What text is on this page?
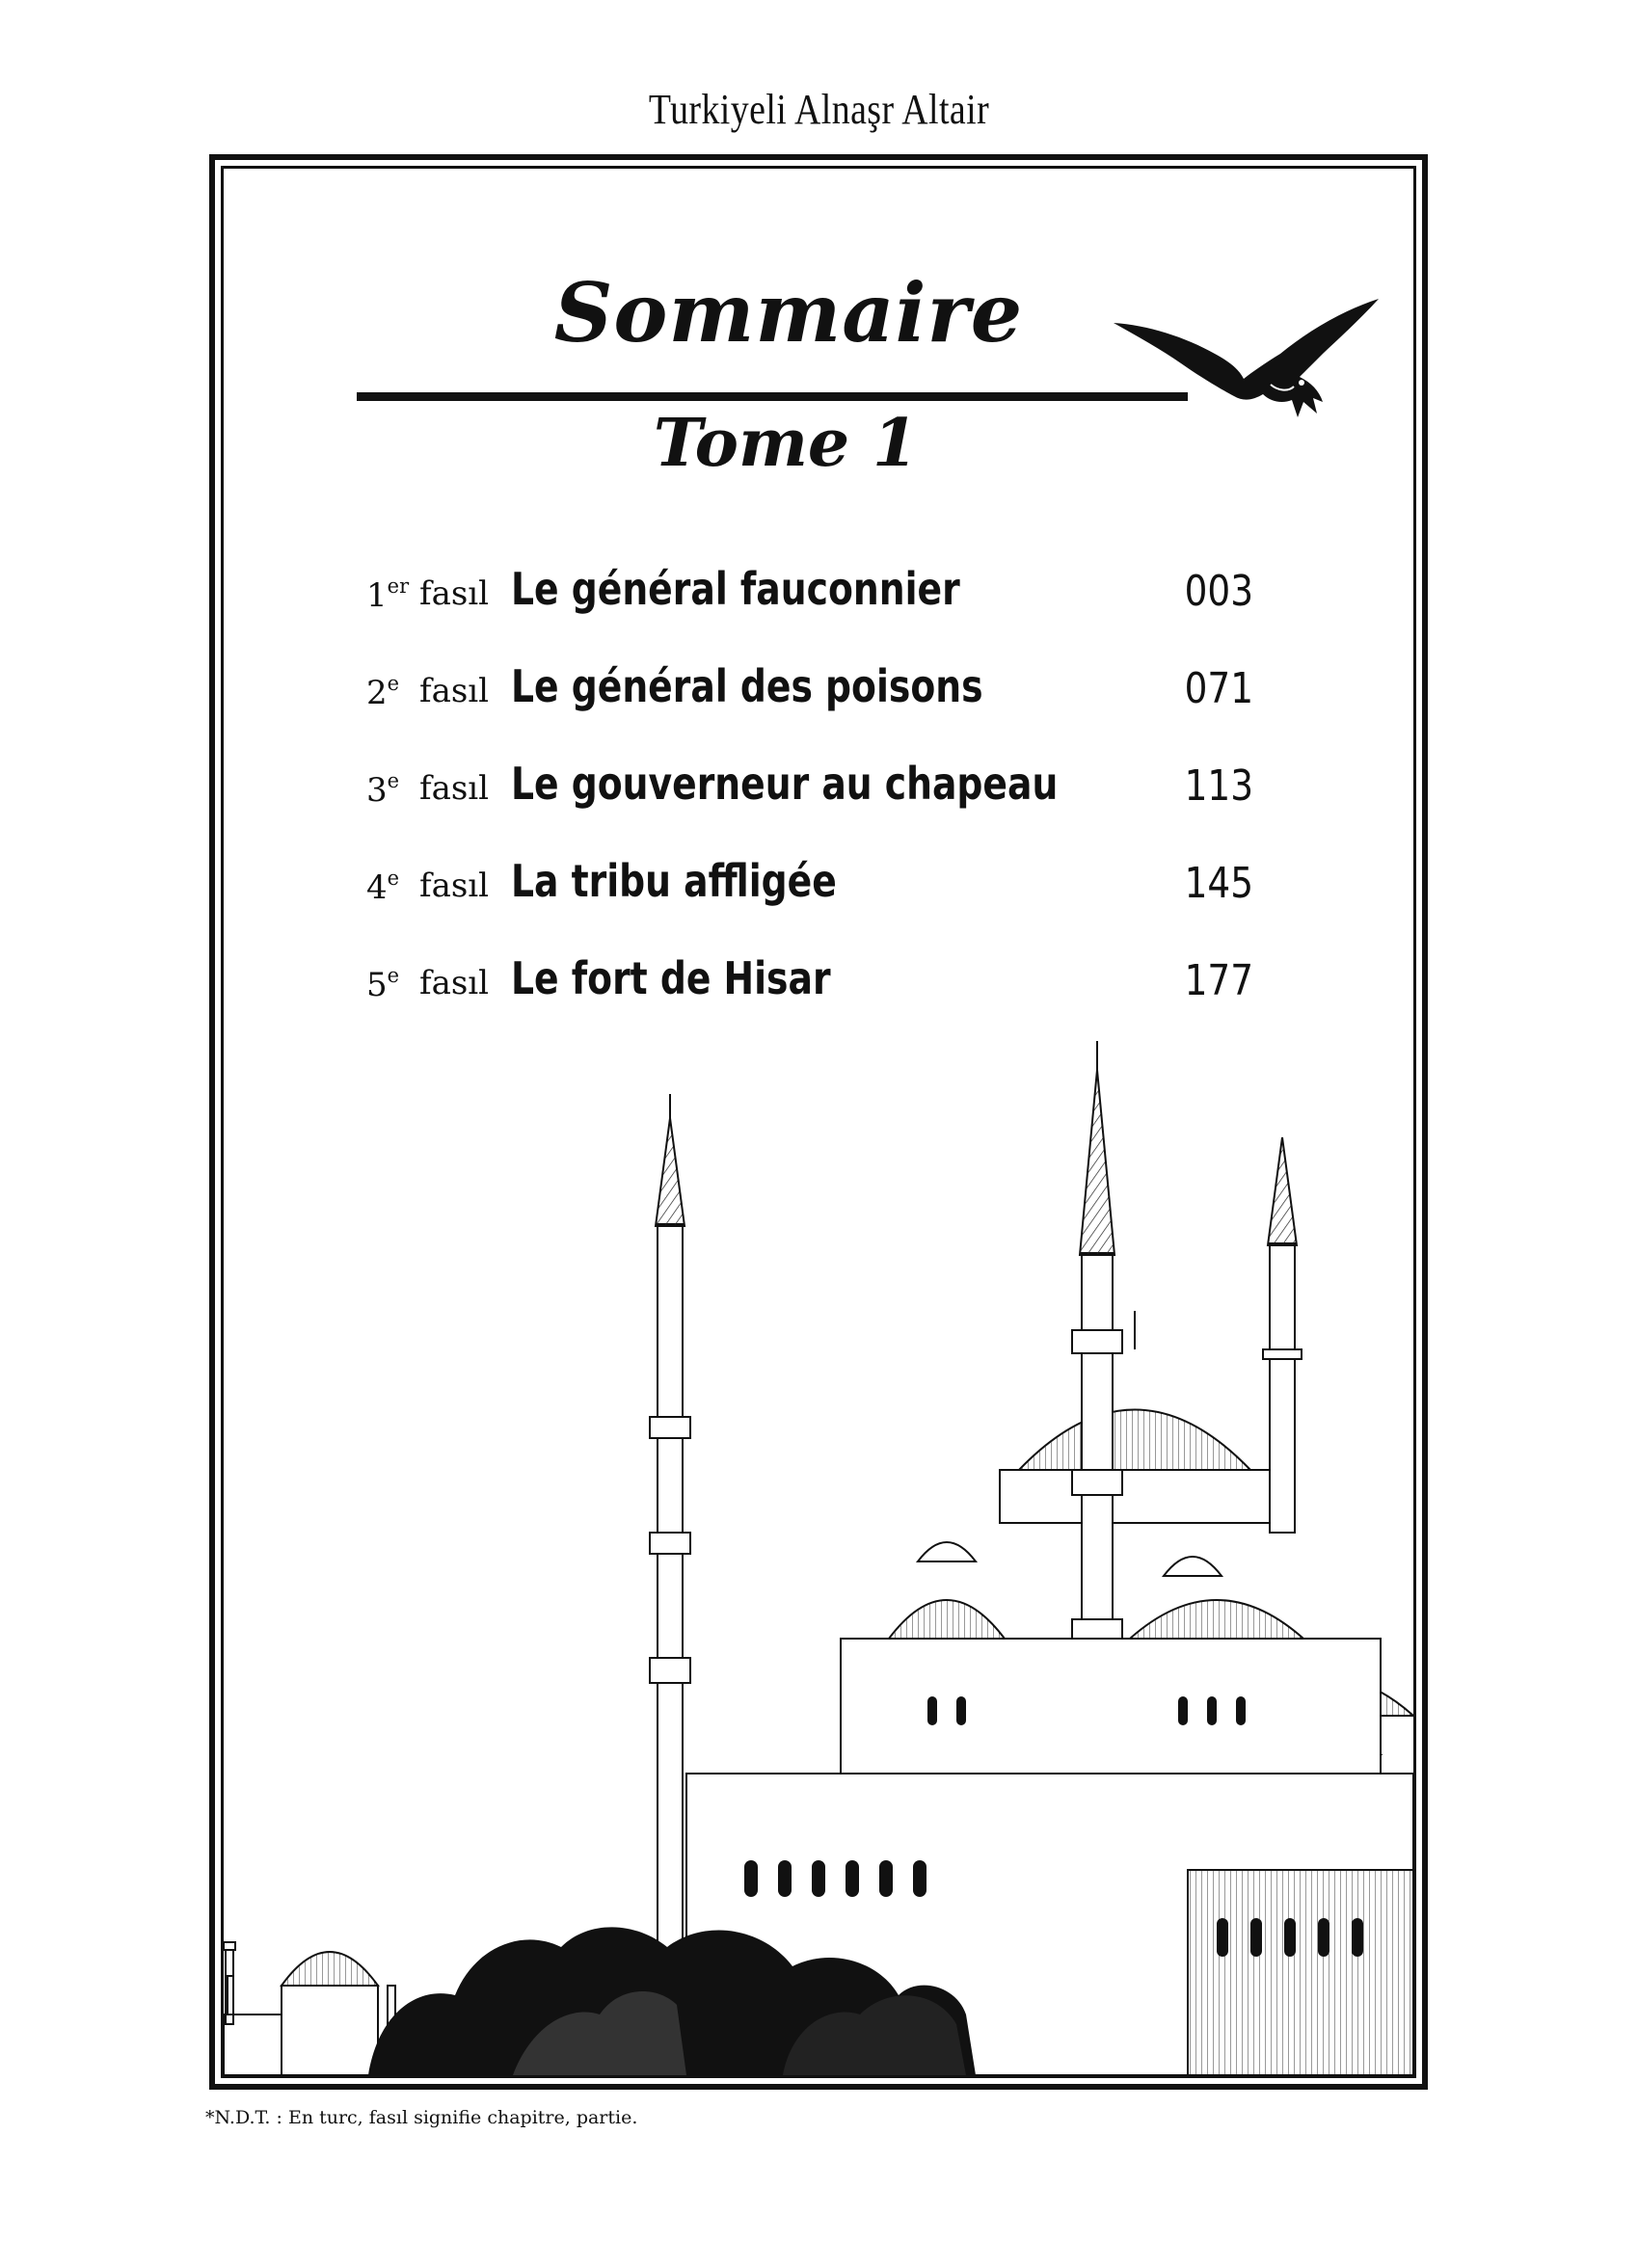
Turkiyeli Alnaşr Altair
Sommaire
Tome 1
1er fasıl Le général fauconnier	003
2e fasıl Le général des poisons	071
3e fasıl Le gouverneur au chapeau	113
4e fasıl La tribu affligée	145
5e fasıl Le fort de Hisar	177
*N.D.T. : En turc, fasıl signifie chapitre, partie.
